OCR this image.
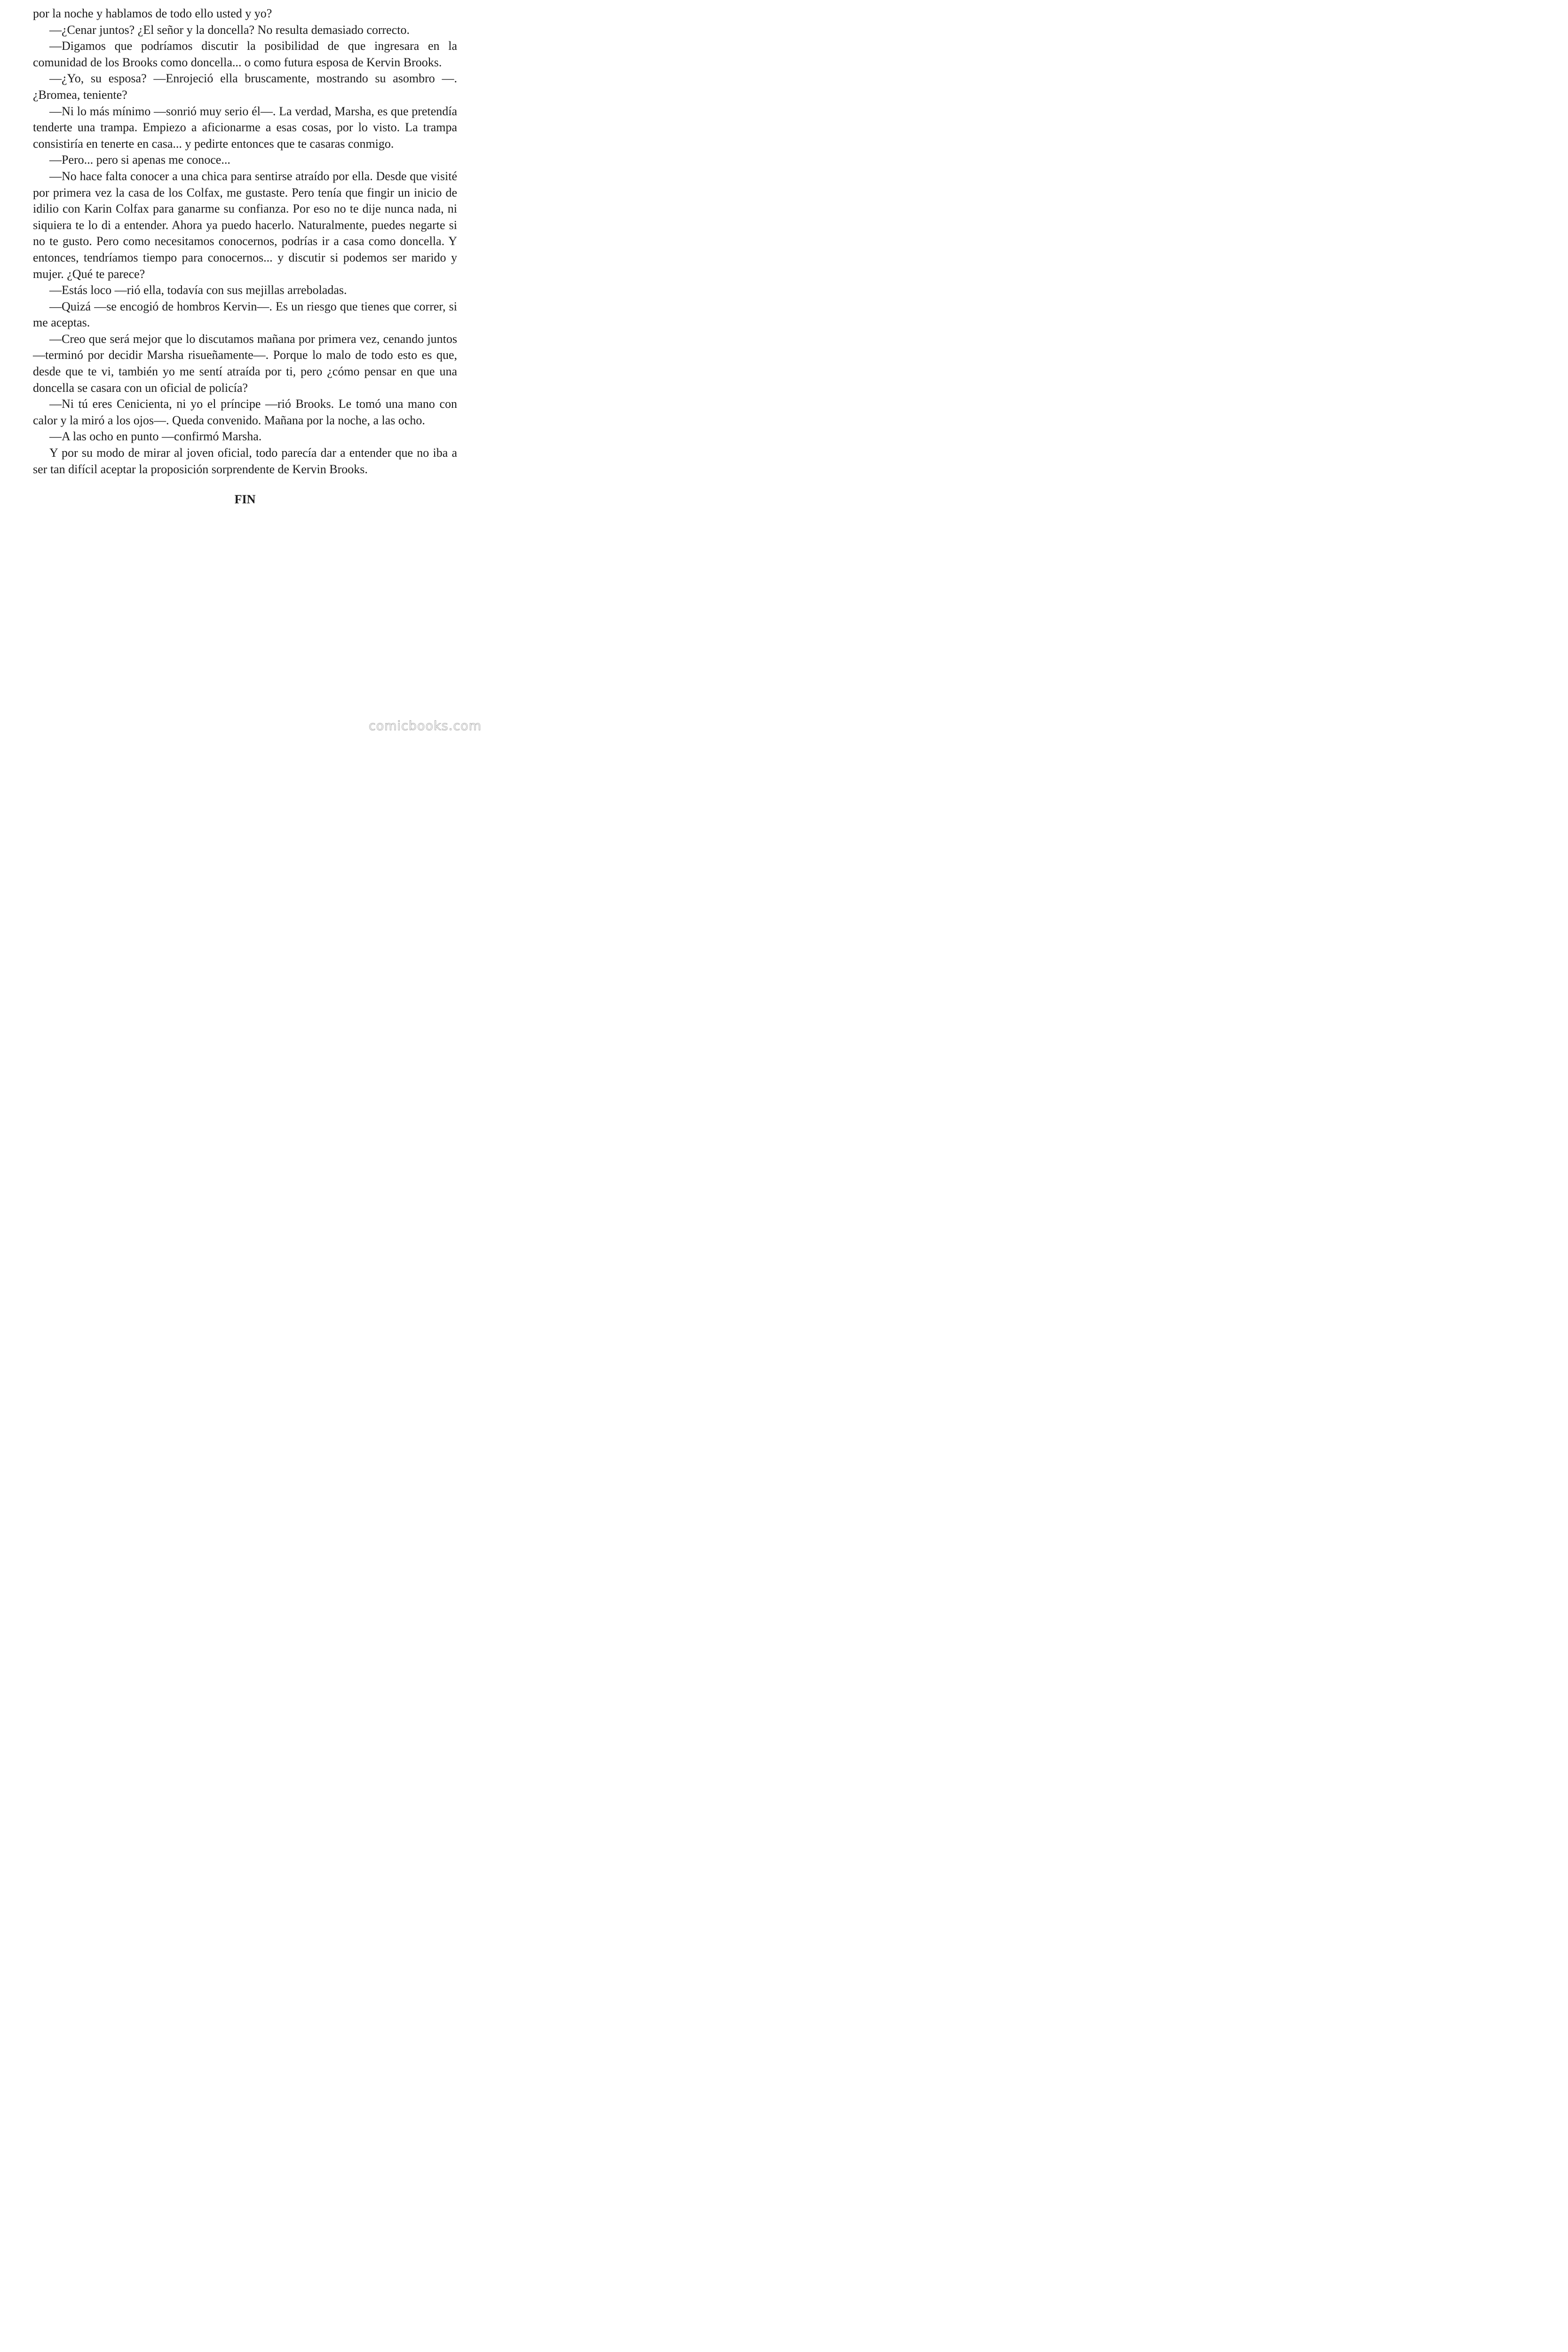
por la noche y hablamos de todo ello usted y yo?

—¿Cenar juntos? ¿El señor y la doncella? No resulta demasiado correcto.

—Digamos que podríamos discutir la posibilidad de que ingresara en la comunidad de los Brooks como doncella... o como futura esposa de Kervin Brooks.

—¿Yo, su esposa? —Enrojeció ella bruscamente, mostrando su asombro —. ¿Bromea, teniente?

—Ni lo más mínimo —sonrió muy serio él—. La verdad, Marsha, es que pretendía tenderte una trampa. Empiezo a aficionarme a esas cosas, por lo visto. La trampa consistiría en tenerte en casa... y pedirte entonces que te casaras conmigo.

—Pero... pero si apenas me conoce...

—No hace falta conocer a una chica para sentirse atraído por ella. Desde que visité por primera vez la casa de los Colfax, me gustaste. Pero tenía que fingir un inicio de idilio con Karin Colfax para ganarme su confianza. Por eso no te dije nunca nada, ni siquiera te lo di a entender. Ahora ya puedo hacerlo. Naturalmente, puedes negarte si no te gusto. Pero como necesitamos conocernos, podrías ir a casa como doncella. Y entonces, tendríamos tiempo para conocernos... y discutir si podemos ser marido y mujer. ¿Qué te parece?

—Estás loco —rió ella, todavía con sus mejillas arreboladas.

—Quizá —se encogió de hombros Kervin—. Es un riesgo que tienes que correr, si me aceptas.

—Creo que será mejor que lo discutamos mañana por primera vez, cenando juntos —terminó por decidir Marsha risueñamente—. Porque lo malo de todo esto es que, desde que te vi, también yo me sentí atraída por ti, pero ¿cómo pensar en que una doncella se casara con un oficial de policía?

—Ni tú eres Cenicienta, ni yo el príncipe —rió Brooks. Le tomó una mano con calor y la miró a los ojos—. Queda convenido. Mañana por la noche, a las ocho.

—A las ocho en punto —confirmó Marsha.

Y por su modo de mirar al joven oficial, todo parecía dar a entender que no iba a ser tan difícil aceptar la proposición sorprendente de Kervin Brooks.

FIN

comicbooks.com
